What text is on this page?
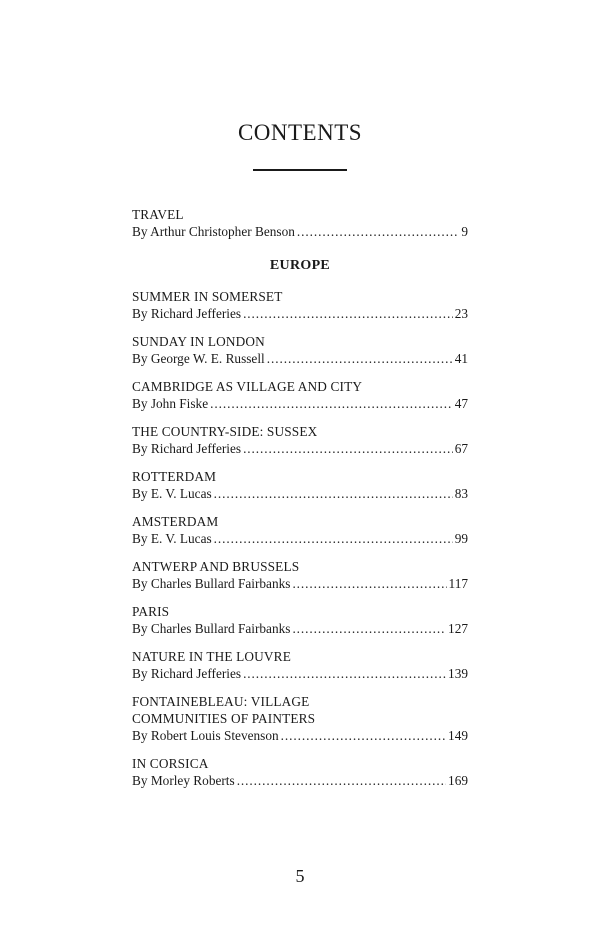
CONTENTS
TRAVEL
By Arthur Christopher Benson . . .	9
EUROPE
SUMMER IN SOMERSET
By Richard Jefferies . . .	23
SUNDAY IN LONDON
By George W. E. Russell . . .	41
CAMBRIDGE AS VILLAGE AND CITY
By John Fiske . . .	47
THE COUNTRY-SIDE: SUSSEX
By Richard Jefferies . . .	67
ROTTERDAM
By E. V. Lucas . . .	83
AMSTERDAM
By E. V. Lucas . . .	99
ANTWERP AND BRUSSELS
By Charles Bullard Fairbanks . . .	117
PARIS
By Charles Bullard Fairbanks . . .	127
NATURE IN THE LOUVRE
By Richard Jefferies . . .	139
FONTAINEBLEAU: VILLAGE
COMMUNITIES OF PAINTERS
By Robert Louis Stevenson . . .	149
IN CORSICA
By Morley Roberts . . .	169
5
